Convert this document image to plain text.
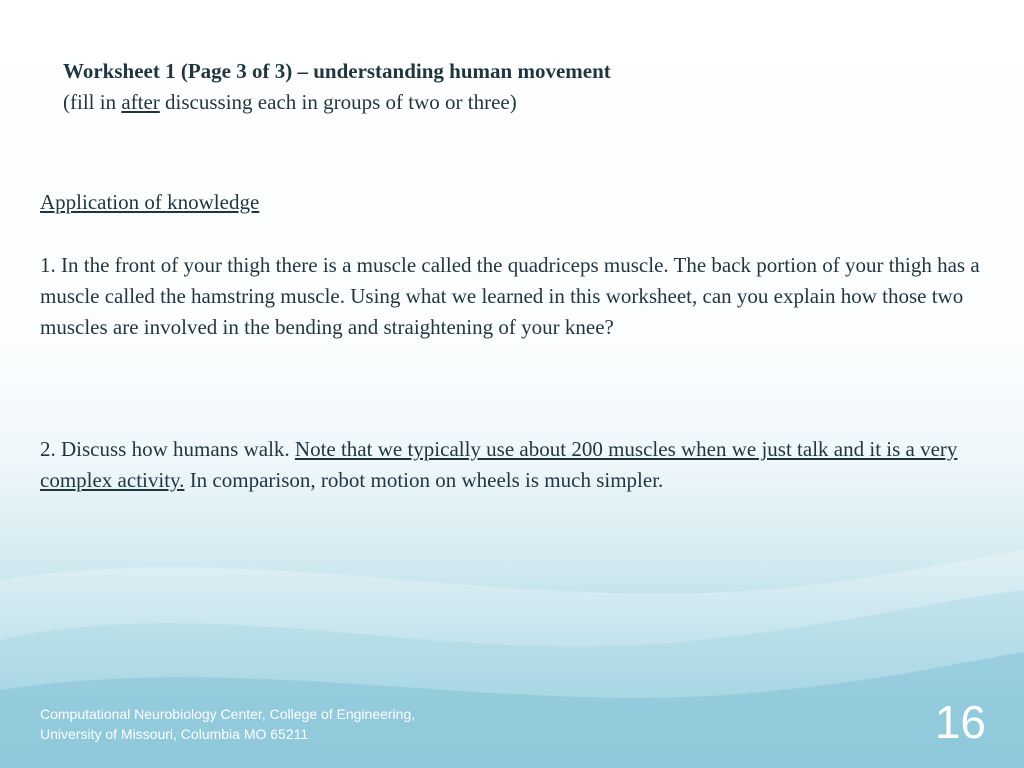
Worksheet 1 (Page 3 of 3) – understanding human movement
(fill in after discussing each in groups of two or three)
Application of knowledge
1. In the front of your thigh there is a muscle called the quadriceps muscle. The back portion of your thigh has a muscle called the hamstring muscle. Using what we learned in this worksheet, can you explain how those two muscles are involved in the bending and straightening of your knee?
2. Discuss how humans walk. Note that we typically use about 200 muscles when we just talk and it is a very complex activity. In comparison, robot motion on wheels is much simpler.
Computational Neurobiology Center, College of Engineering,
University of Missouri, Columbia MO 65211	16
